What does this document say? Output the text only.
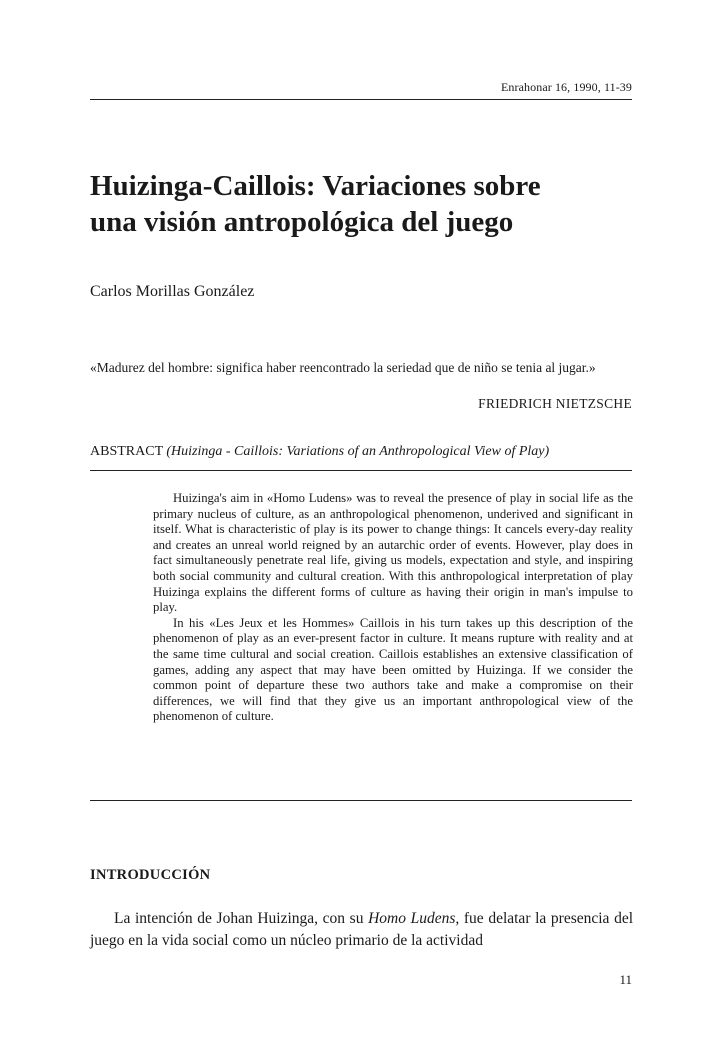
Enrahonar 16, 1990, 11-39
Huizinga-Caillois: Variaciones sobre
una visión antropológica del juego
Carlos Morillas González

«Madurez del hombre: significa haber reencontrado la seriedad que de niño se tenia al jugar.»

FRIEDRICH NIETZSCHE
ABSTRACT (Huizinga - Caillois: Variations of an Anthropological View of Play)

Huizinga's aim in «Homo Ludens» was to reveal the presence of play in social life as the primary nucleus of culture, as an anthropological phenomenon, underived and significant in itself. What is characteristic of play is its power to change things: It cancels every-day reality and creates an unreal world reigned by an autarchic order of events. However, play does in fact simultaneously penetrate real life, giving us models, expectation and style, and inspiring both social community and cultural creation. With this anthropological interpretation of play Huizinga explains the different forms of culture as having their origin in man's impulse to play.

In his «Les Jeux et les Hommes» Caillois in his turn takes up this description of the phenomenon of play as an ever-present factor in culture. It means rupture with reality and at the same time cultural and social creation. Caillois establishes an extensive classification of games, adding any aspect that may have been omitted by Huizinga. If we consider the common point of departure these two authors take and make a compromise on their differences, we will find that they give us an important anthropological view of the phenomenon of culture.

INTRODUCCIÓN

La intención de Johan Huizinga, con su Homo Ludens, fue delatar la presencia del juego en la vida social como un núcleo primario de la actividad

11
